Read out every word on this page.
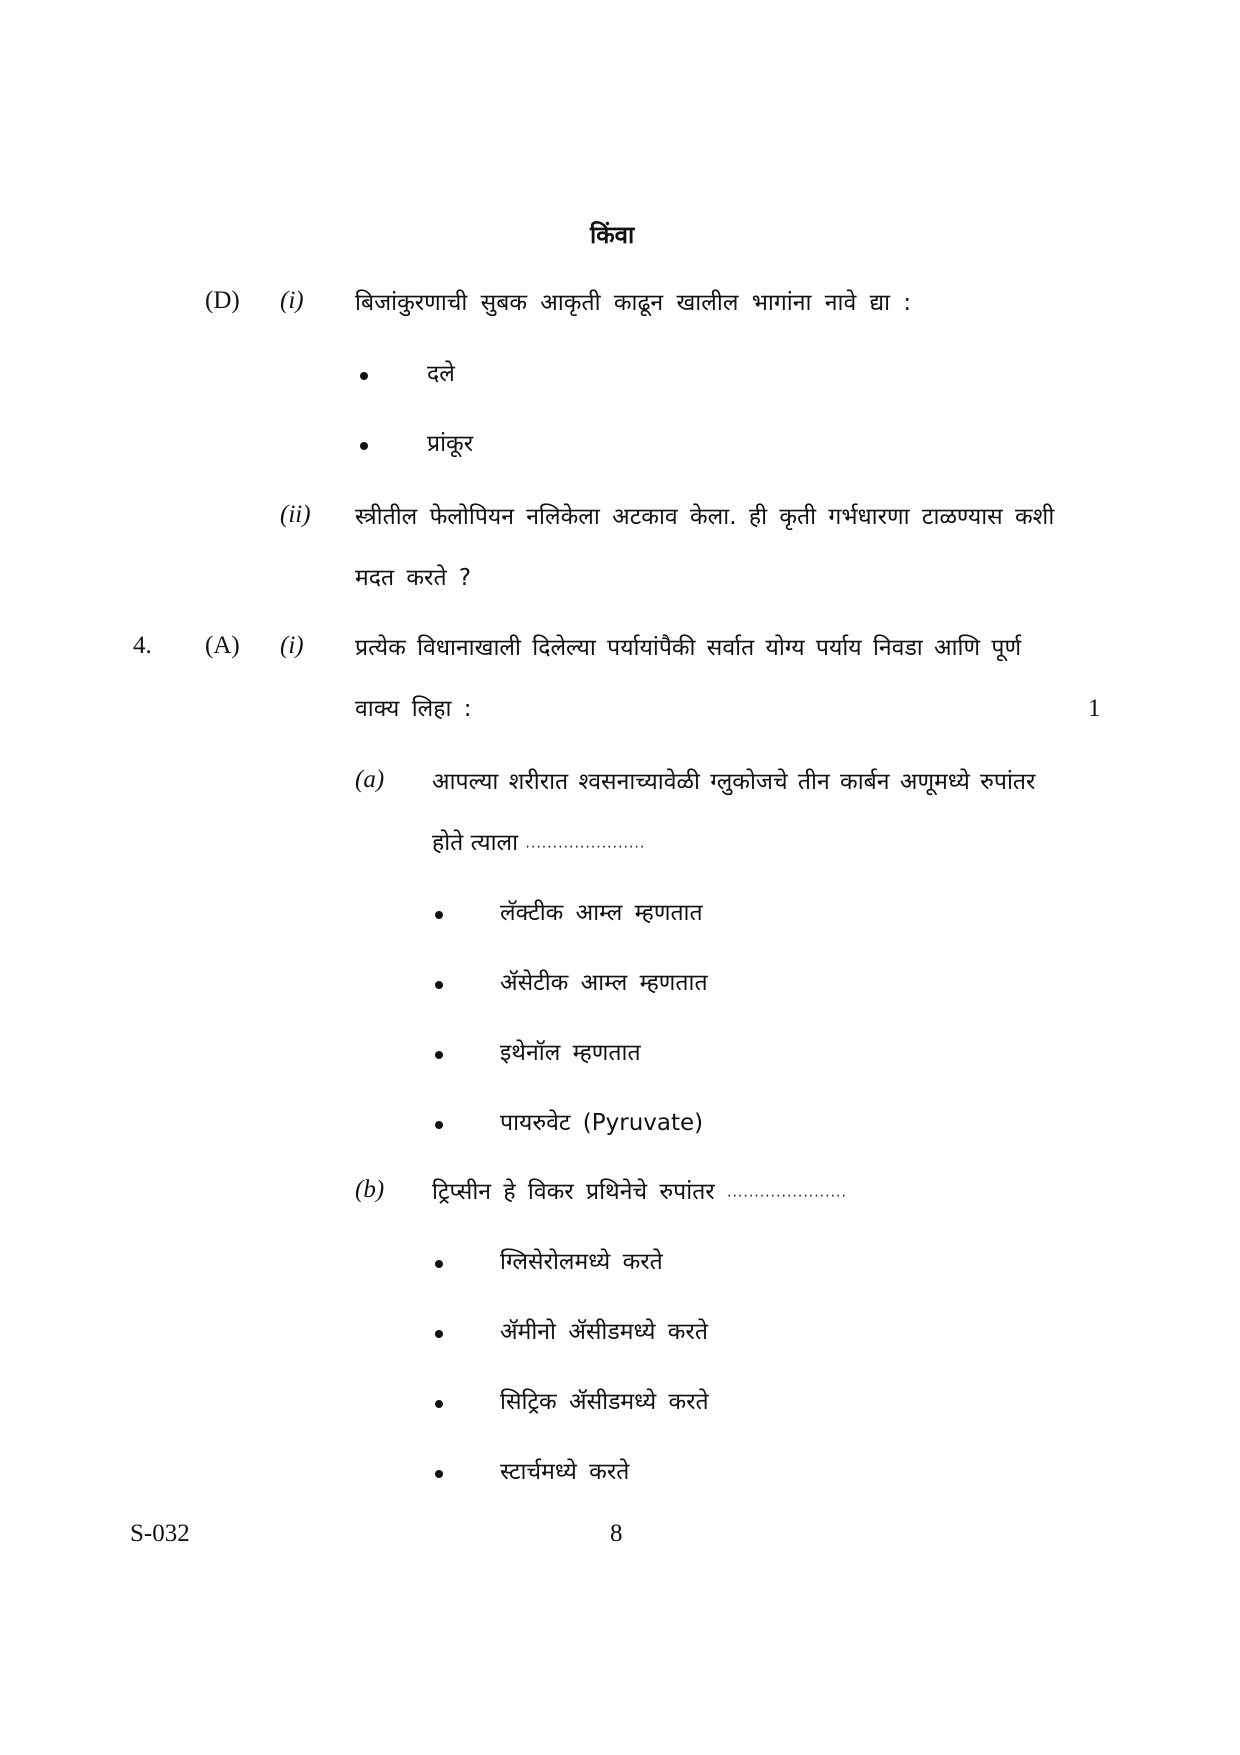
किंवा
(D) (i) बिजांकुरणाची सुबक आकृती काढून खालील भागांना नावे द्या :
दले
प्रांकूर
(ii) स्त्रीतील फेलोपियन नलिकेला अटकाव केला. ही कृती गर्भधारणा टाळण्यास कशी
मदत करते ?
4. (A) (i) प्रत्येक विधानाखाली दिलेल्या पर्यायांपैकी सर्वात योग्य पर्याय निवडा आणि पूर्ण
वाक्य लिहा :	1
(a) आपल्या शरीरात श्वसनाच्यावेळी ग्लुकोजचे तीन कार्बन अणूमध्ये रुपांतर
होते त्याला ......................
लॅक्टीक आम्ल म्हणतात
ॲसेटीक आम्ल म्हणतात
इथेनॉल म्हणतात
पायरुवेट (Pyruvate)
(b) ट्रिप्सीन हे विकर प्रथिनेचे रुपांतर ......................
ग्लिसेरोलमध्ये करते
ॲमीनो ॲसीडमध्ये करते
सिट्रिक ॲसीडमध्ये करते
स्टार्चमध्ये करते
S-032	8
